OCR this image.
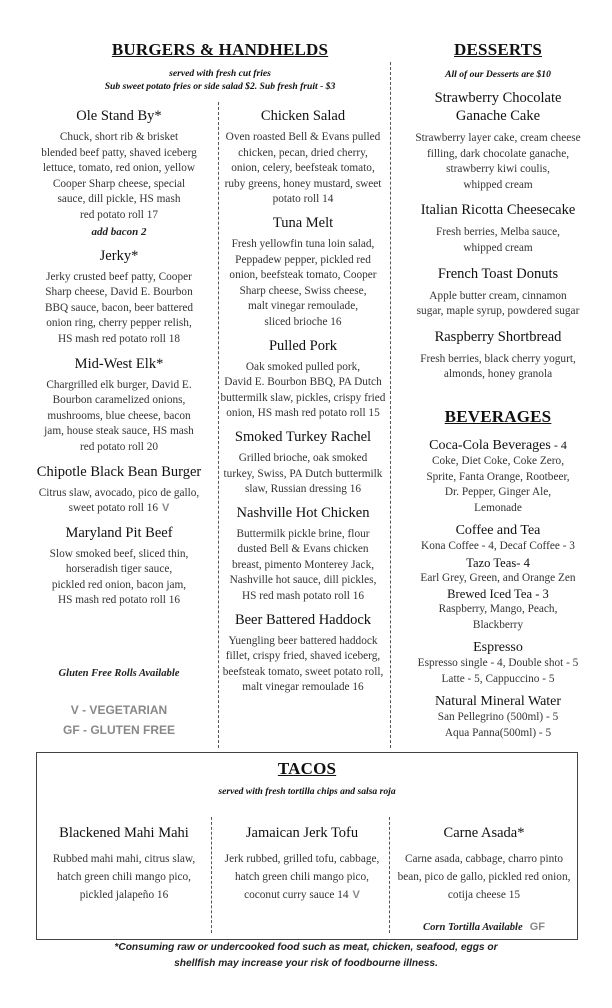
BURGERS & HANDHELDS
served with fresh cut fries
Sub sweet potato fries or side salad $2. Sub fresh fruit - $3
Ole Stand By*
Chuck, short rib & brisket
blended beef patty, shaved iceberg
lettuce, tomato, red onion, yellow
Cooper Sharp cheese, special
sauce, dill pickle, HS mash
red potato roll 17
add bacon 2
Jerky*
Jerky crusted beef patty, Cooper
Sharp cheese, David E. Bourbon
BBQ sauce, bacon, beer battered
onion ring, cherry pepper relish,
HS mash red potato roll 18
Mid-West Elk*
Chargrilled elk burger, David E.
Bourbon caramelized onions,
mushrooms, blue cheese, bacon
jam, house steak sauce, HS mash
red potato roll 20
Chipotle Black Bean Burger
Citrus slaw, avocado, pico de gallo,
sweet potato roll 16 V
Maryland Pit Beef
Slow smoked beef, sliced thin,
horseradish tiger sauce,
pickled red onion, bacon jam,
HS mash red potato roll 16
Gluten Free Rolls Available
V - VEGETARIAN
GF - GLUTEN FREE
Chicken Salad
Oven roasted Bell & Evans pulled
chicken, pecan, dried cherry,
onion, celery, beefsteak tomato,
ruby greens, honey mustard, sweet
potato roll 14
Tuna Melt
Fresh yellowfin tuna loin salad,
Peppadew pepper, pickled red
onion, beefsteak tomato, Cooper
Sharp cheese, Swiss cheese,
malt vinegar remoulade,
sliced brioche 16
Pulled Pork
Oak smoked pulled pork,
David E. Bourbon BBQ, PA Dutch
buttermilk slaw, pickles, crispy fried
onion, HS mash red potato roll 15
Smoked Turkey Rachel
Grilled brioche, oak smoked
turkey, Swiss, PA Dutch buttermilk
slaw, Russian dressing 16
Nashville Hot Chicken
Buttermilk pickle brine, flour
dusted Bell & Evans chicken
breast, pimento Monterey Jack,
Nashville hot sauce, dill pickles,
HS red mash potato roll 16
Beer Battered Haddock
Yuengling beer battered haddock
fillet, crispy fried, shaved iceberg,
beefsteak tomato, sweet potato roll,
malt vinegar remoulade 16
DESSERTS
All of our Desserts are $10
Strawberry Chocolate
Ganache Cake
Strawberry layer cake, cream cheese
filling, dark chocolate ganache,
strawberry kiwi coulis,
whipped cream
Italian Ricotta Cheesecake
Fresh berries, Melba sauce,
whipped cream
French Toast Donuts
Apple butter cream, cinnamon
sugar, maple syrup, powdered sugar
Raspberry Shortbread
Fresh berries, black cherry yogurt,
almonds, honey granola
BEVERAGES
Coca-Cola Beverages - 4
Coke, Diet Coke, Coke Zero,
Sprite, Fanta Orange, Rootbeer,
Dr. Pepper, Ginger Ale,
Lemonade
Coffee and Tea
Kona Coffee - 4, Decaf Coffee - 3
Tazo Teas- 4
Earl Grey, Green, and Orange Zen
Brewed Iced Tea - 3
Raspberry, Mango, Peach,
Blackberry
Espresso
Espresso single - 4, Double shot - 5
Latte - 5, Cappuccino - 5
Natural Mineral Water
San Pellegrino (500ml) - 5
Aqua Panna(500ml) - 5
TACOS
served with fresh tortilla chips and salsa roja
Blackened Mahi Mahi
Rubbed mahi mahi, citrus slaw,
hatch green chili mango pico,
pickled jalapeño 16
Jamaican Jerk Tofu
Jerk rubbed, grilled tofu, cabbage,
hatch green chili mango pico,
coconut curry sauce 14 V
Carne Asada*
Carne asada, cabbage, charro pinto
bean, pico de gallo, pickled red onion,
cotija cheese 15
Corn Tortilla Available GF
*Consuming raw or undercooked food such as meat, chicken, seafood, eggs or
shellfish may increase your risk of foodbourne illness.
